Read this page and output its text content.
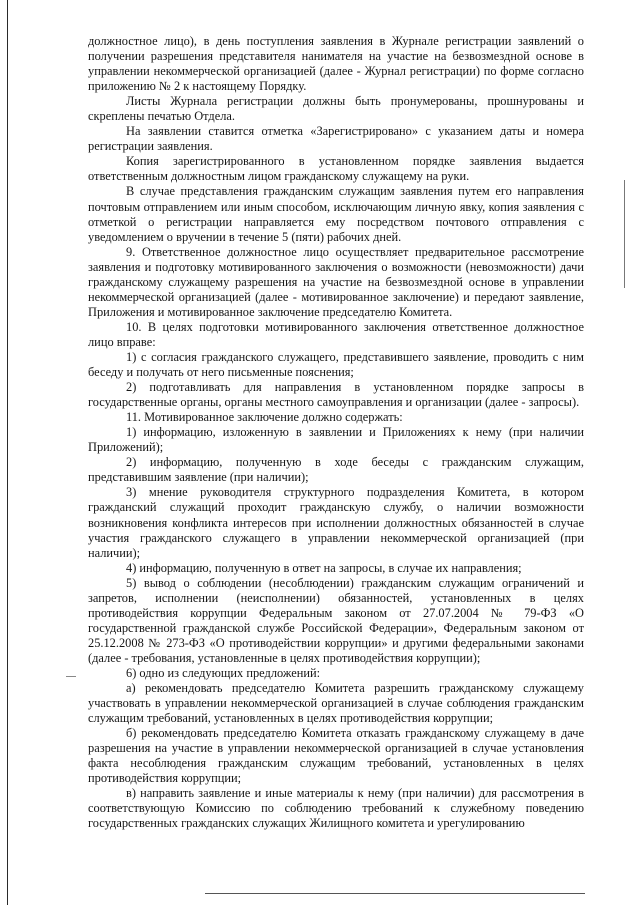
должностное лицо), в день поступления заявления в Журнале регистрации заявлений о получении разрешения представителя нанимателя на участие на безвозмездной основе в управлении некоммерческой организацией (далее - Журнал регистрации) по форме согласно приложению № 2 к настоящему Порядку.

Листы Журнала регистрации должны быть пронумерованы, прошнурованы и скреплены печатью Отдела.

На заявлении ставится отметка «Зарегистрировано» с указанием даты и номера регистрации заявления.

Копия зарегистрированного в установленном порядке заявления выдается ответственным должностным лицом гражданскому служащему на руки.

В случае представления гражданским служащим заявления путем его направления почтовым отправлением или иным способом, исключающим личную явку, копия заявления с отметкой о регистрации направляется ему посредством почтового отправления с уведомлением о вручении в течение 5 (пяти) рабочих дней.

9. Ответственное должностное лицо осуществляет предварительное рассмотрение заявления и подготовку мотивированного заключения о возможности (невозможности) дачи гражданскому служащему разрешения на участие на безвозмездной основе в управлении некоммерческой организацией (далее - мотивированное заключение) и передают заявление, Приложения и мотивированное заключение председателю Комитета.

10. В целях подготовки мотивированного заключения ответственное должностное лицо вправе:

1) с согласия гражданского служащего, представившего заявление, проводить с ним беседу и получать от него письменные пояснения;

2) подготавливать для направления в установленном порядке запросы в государственные органы, органы местного самоуправления и организации (далее - запросы).

11. Мотивированное заключение должно содержать:

1) информацию, изложенную в заявлении и Приложениях к нему (при наличии Приложений);

2) информацию, полученную в ходе беседы с гражданским служащим, представившим заявление (при наличии);

3) мнение руководителя структурного подразделения Комитета, в котором гражданский служащий проходит гражданскую службу, о наличии возможности возникновения конфликта интересов при исполнении должностных обязанностей в случае участия гражданского служащего в управлении некоммерческой организацией (при наличии);

4) информацию, полученную в ответ на запросы, в случае их направления;

5) вывод о соблюдении (несоблюдении) гражданским служащим ограничений и запретов, исполнении (неисполнении) обязанностей, установленных в целях противодействия коррупции Федеральным законом от 27.07.2004 № 79-ФЗ «О государственной гражданской службе Российской Федерации», Федеральным законом от 25.12.2008 № 273-ФЗ «О противодействии коррупции» и другими федеральными законами (далее - требования, установленные в целях противодействия коррупции);

6) одно из следующих предложений:

а) рекомендовать председателю Комитета разрешить гражданскому служащему участвовать в управлении некоммерческой организацией в случае соблюдения гражданским служащим требований, установленных в целях противодействия коррупции;

б) рекомендовать председателю Комитета отказать гражданскому служащему в даче разрешения на участие в управлении некоммерческой организацией в случае установления факта несоблюдения гражданским служащим требований, установленных в целях противодействия коррупции;

в) направить заявление и иные материалы к нему (при наличии) для рассмотрения в соответствующую Комиссию по соблюдению требований к служебному поведению государственных гражданских служащих Жилищного комитета и урегулированию
